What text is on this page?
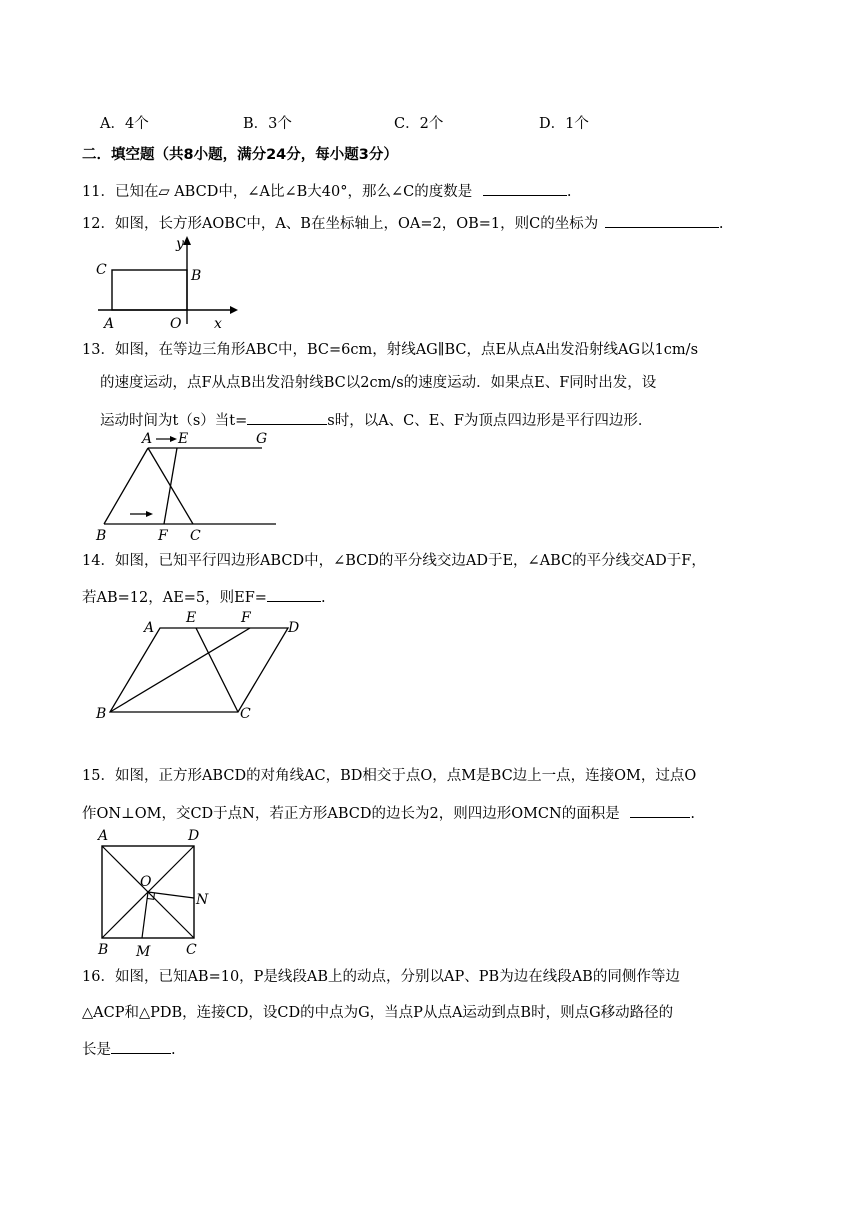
A．4个	B．3个	C．2个	D．1个
二．填空题（共8小题，满分24分，每小题3分）
11．已知在▱ ABCD中，∠A比∠B大40°，那么∠C的度数是	.
12．如图，长方形AOBC中，A、B在坐标轴上，OA=2，OB=1，则C的坐标为	.
y
x
C	B
A	O
13．如图，在等边三角形ABC中，BC=6cm，射线AG∥BC，点E从点A出发沿射线AG以1cm/s
的速度运动，点F从点B出发沿射线BC以2cm/s的速度运动．如果点E、F同时出发，设
运动时间为t（s）当t=	s时，以A、C、E、F为顶点四边形是平行四边形．
A E	G
B	F C
14．如图，已知平行四边形ABCD中，∠BCD的平分线交边AD于E，∠ABC的平分线交AD于F，
若AB=12，AE=5，则EF=	.
A
E	F
D
B	C
15．如图，正方形ABCD的对角线AC，BD相交于点O，点M是BC边上一点，连接OM，过点O
作ON⊥OM，交CD于点N，若正方形ABCD的边长为2，则四边形OMCN的面积是	.
A	D
O
N
B M	C
16．如图，已知AB=10，P是线段AB上的动点，分别以AP、PB为边在线段AB的同侧作等边
△ACP和△PDB，连接CD，设CD的中点为G，当点P从点A运动到点B时，则点G移动路径的
长是	.
